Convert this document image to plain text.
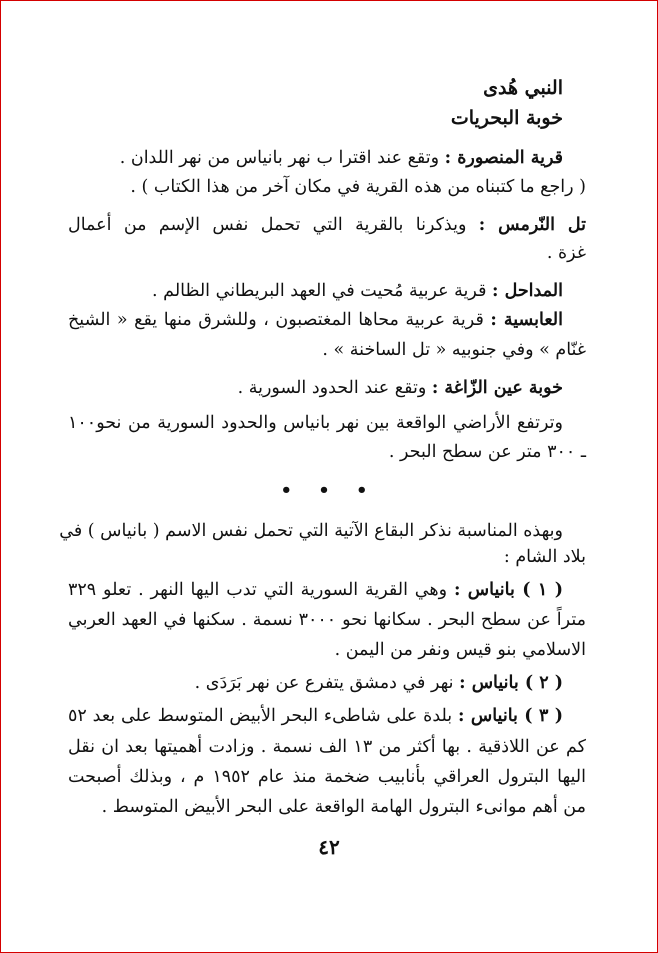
النبي هُدى
خوبة البحريات
قرية المنصورة : وتقع عند اقترا ب نهر بانياس من نهر اللدان .
( راجع ما كتبناه من هذه القرية في مكان آخر من هذا الكتاب ) .
تل النّرمس : ويذكرنا بالقرية التي تحمل نفس الإسم من أعمال
غزة .
المداحل : قرية عربية مُحيت في العهد البريطاني الظالم .
العابسية : قرية عربية محاها المغتصبون ، وللشرق منها يقع « الشيخ
غنّام » وفي جنوبيه « تل الساخنة » .
خوبة عين الزّاغة : وتقع عند الحدود السورية .
وترتفع الأراضي الواقعة بين نهر بانياس والحدود السورية من نحو١٠٠
ـ ٣٠٠ متر عن سطح البحر .
• • •
وبهذه المناسبة نذكر البقاع الآتية التي تحمل نفس الاسم ( بانياس ) في
بلاد الشام :
( ١ ) بانياس : وهي القرية السورية التي تدب اليها النهر . تعلو ٣٢٩
متراً عن سطح البحر . سكانها نحو ٣٠٠٠ نسمة . سكنها في العهد العربي
الاسلامي بنو قيس ونفر من اليمن .
( ٢ ) بانياس : نهر في دمشق يتفرع عن نهر بَرَدَى .
( ٣ ) بانياس : بلدة على شاطىء البحر الأبيض المتوسط على بعد ٥٢
كم عن اللاذقية . بها أكثر من ١٣ الف نسمة . وزادت أهميتها بعد ان نقل
اليها البترول العراقي بأنابيب ضخمة منذ عام ١٩٥٢ م ، وبذلك أصبحت
من أهم موانىء البترول الهامة الواقعة على البحر الأبيض المتوسط .
٤٢
